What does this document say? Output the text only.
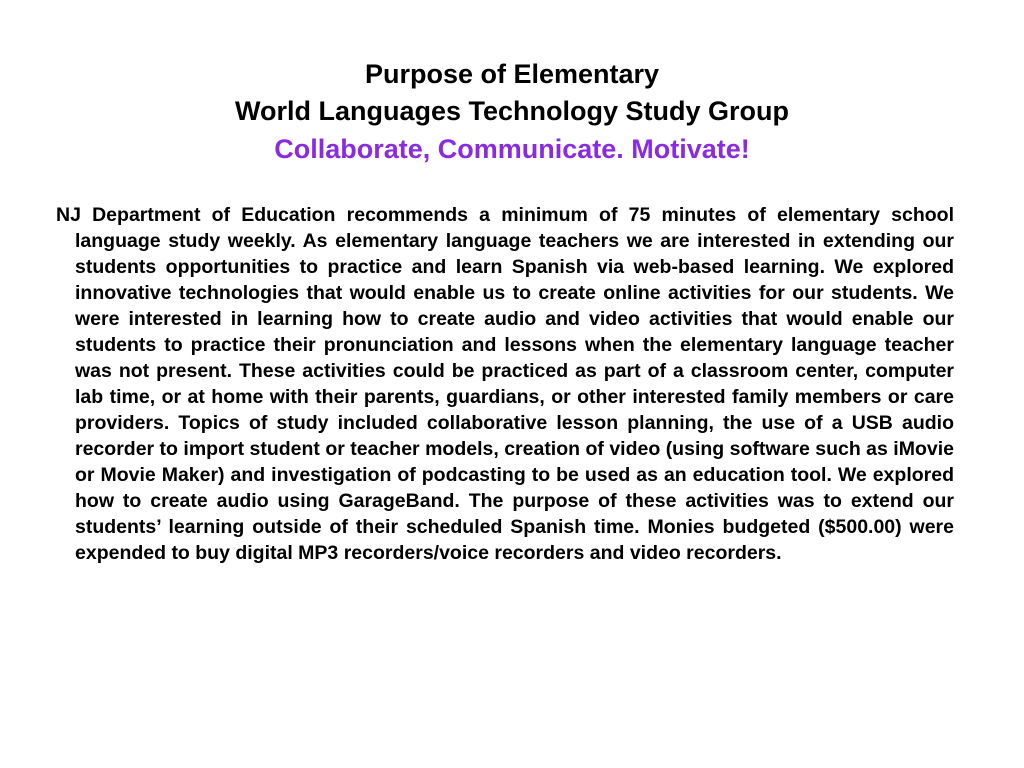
Purpose of Elementary

World Languages Technology Study Group

Collaborate, Communicate. Motivate!

NJ Department of Education recommends a minimum of 75 minutes of elementary school language study weekly. As elementary language teachers we are interested in extending our students opportunities to practice and learn Spanish via web-based learning. We explored innovative technologies that would enable us to create online activities for our students. We were interested in learning how to create audio and video activities that would enable our students to practice their pronunciation and lessons when the elementary language teacher was not present. These activities could be practiced as part of a classroom center, computer lab time, or at home with their parents, guardians, or other interested family members or care providers. Topics of study included collaborative lesson planning, the use of a USB audio recorder to import student or teacher models, creation of video (using software such as iMovie or Movie Maker) and investigation of podcasting to be used as an education tool. We explored how to create audio using GarageBand. The purpose of these activities was to extend our students’ learning outside of their scheduled Spanish time. Monies budgeted ($500.00) were expended to buy digital MP3 recorders/voice recorders and video recorders.
